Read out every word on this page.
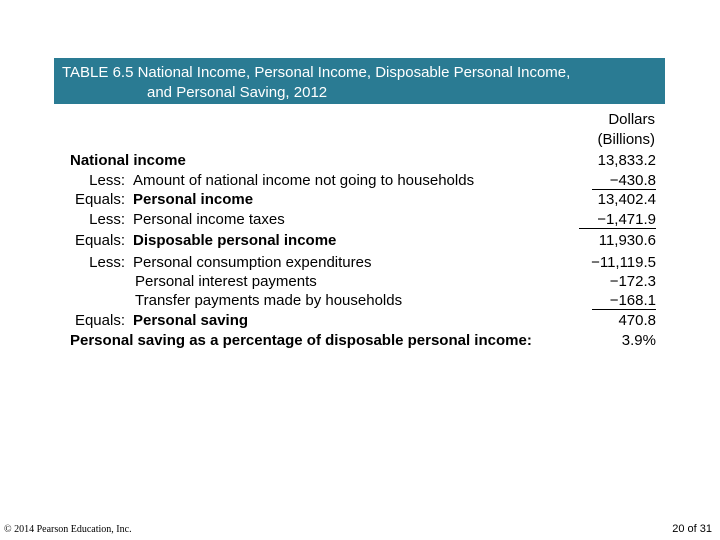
TABLE 6.5 National Income, Personal Income, Disposable Personal Income,
and Personal Saving, 2012
Dollars
(Billions)
National income	13,833.2
Less: Amount of national income not going to households	−430.8
Equals: Personal income	13,402.4
Less: Personal income taxes	−1,471.9
Equals: Disposable personal income	11,930.6
Less: Personal consumption expenditures	−11,119.5
Personal interest payments	−172.3
Transfer payments made by households	−168.1
Equals: Personal saving	470.8
Personal saving as a percentage of disposable personal income:	3.9%
© 2014 Pearson Education, Inc.	20 of 31
